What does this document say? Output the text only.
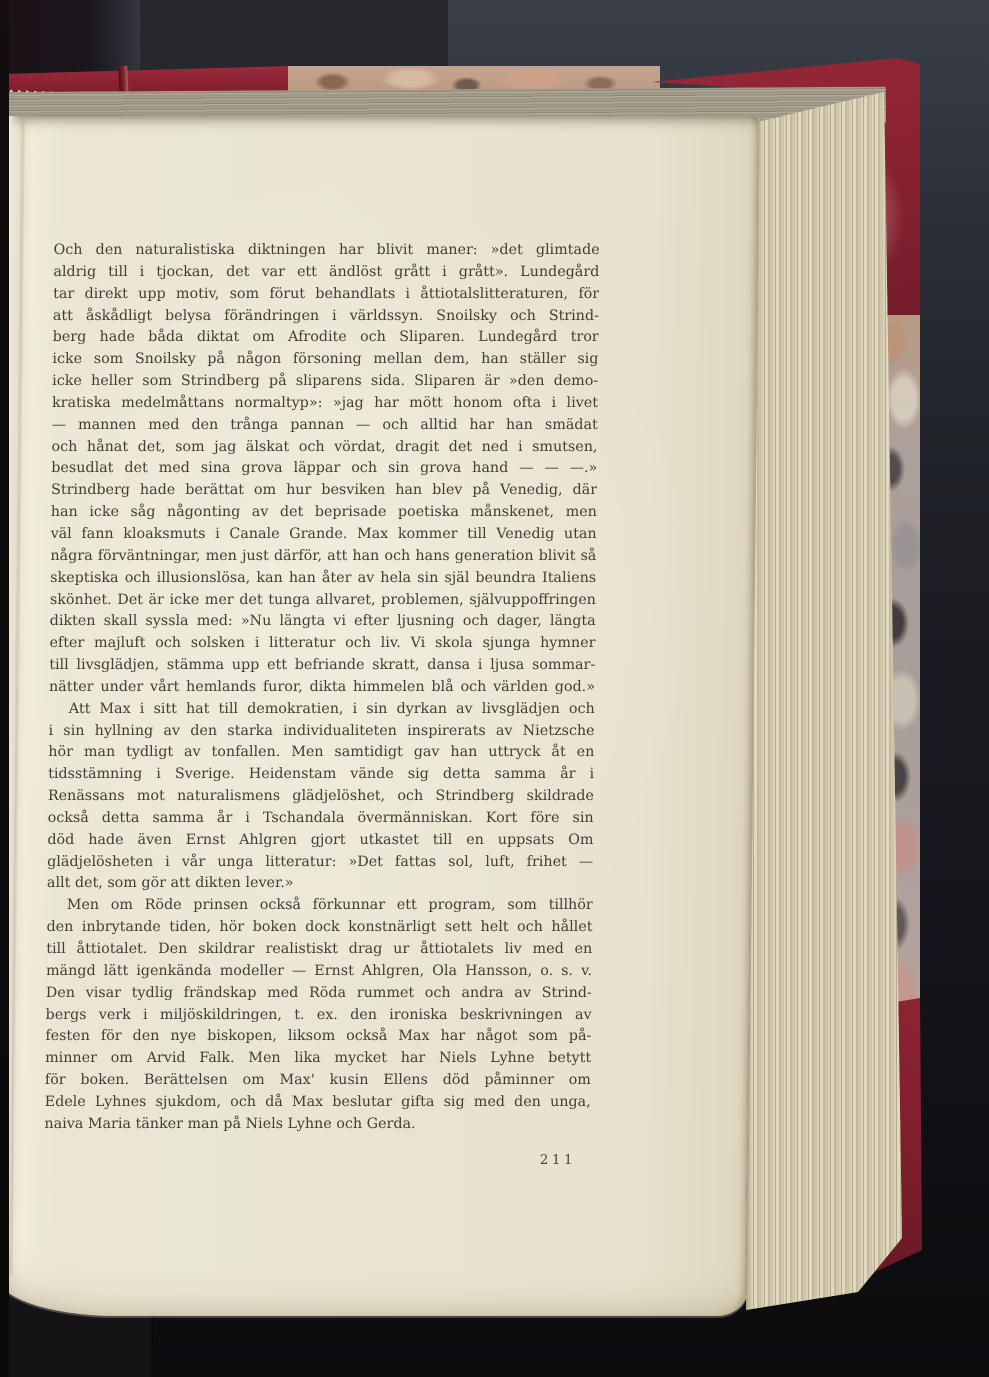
Och den naturalistiska diktningen har blivit maner: »det glimtade
aldrig till i tjockan, det var ett ändlöst grått i grått». Lundegård
tar direkt upp motiv, som förut behandlats i åttiotalslitteraturen, för
att åskådligt belysa förändringen i världssyn. Snoilsky och Strind-
berg hade båda diktat om Afrodite och Sliparen. Lundegård tror
icke som Snoilsky på någon försoning mellan dem, han ställer sig
icke heller som Strindberg på sliparens sida. Sliparen är »den demo-
kratiska medelmåttans normaltyp»: »jag har mött honom ofta i livet
— mannen med den trånga pannan — och alltid har han smädat
och hånat det, som jag älskat och vördat, dragit det ned i smutsen,
besudlat det med sina grova läppar och sin grova hand — — —.»
Strindberg hade berättat om hur besviken han blev på Venedig, där
han icke såg någonting av det beprisade poetiska månskenet, men
väl fann kloaksmuts i Canale Grande. Max kommer till Venedig utan
några förväntningar, men just därför, att han och hans generation blivit så
skeptiska och illusionslösa, kan han åter av hela sin själ beundra Italiens
skönhet. Det är icke mer det tunga allvaret, problemen, självuppoffringen
dikten skall syssla med: »Nu längta vi efter ljusning och dager, längta
efter majluft och solsken i litteratur och liv. Vi skola sjunga hymner
till livsglädjen, stämma upp ett befriande skratt, dansa i ljusa sommar-
nätter under vårt hemlands furor, dikta himmelen blå och världen god.»
Att Max i sitt hat till demokratien, i sin dyrkan av livsglädjen och
i sin hyllning av den starka individualiteten inspirerats av Nietzsche
hör man tydligt av tonfallen. Men samtidigt gav han uttryck åt en
tidsstämning i Sverige. Heidenstam vände sig detta samma år i
Renässans mot naturalismens glädjelöshet, och Strindberg skildrade
också detta samma år i Tschandala övermänniskan. Kort före sin
död hade även Ernst Ahlgren gjort utkastet till en uppsats Om
glädjelösheten i vår unga litteratur: »Det fattas sol, luft, frihet —
allt det, som gör att dikten lever.»
Men om Röde prinsen också förkunnar ett program, som tillhör
den inbrytande tiden, hör boken dock konstnärligt sett helt och hållet
till åttiotalet. Den skildrar realistiskt drag ur åttiotalets liv med en
mängd lätt igenkända modeller — Ernst Ahlgren, Ola Hansson, o. s. v.
Den visar tydlig frändskap med Röda rummet och andra av Strind-
bergs verk i miljöskildringen, t. ex. den ironiska beskrivningen av
festen för den nye biskopen, liksom också Max har något som på-
minner om Arvid Falk. Men lika mycket har Niels Lyhne betytt
för boken. Berättelsen om Max' kusin Ellens död påminner om
Edele Lyhnes sjukdom, och då Max beslutar gifta sig med den unga,
naiva Maria tänker man på Niels Lyhne och Gerda.
211
